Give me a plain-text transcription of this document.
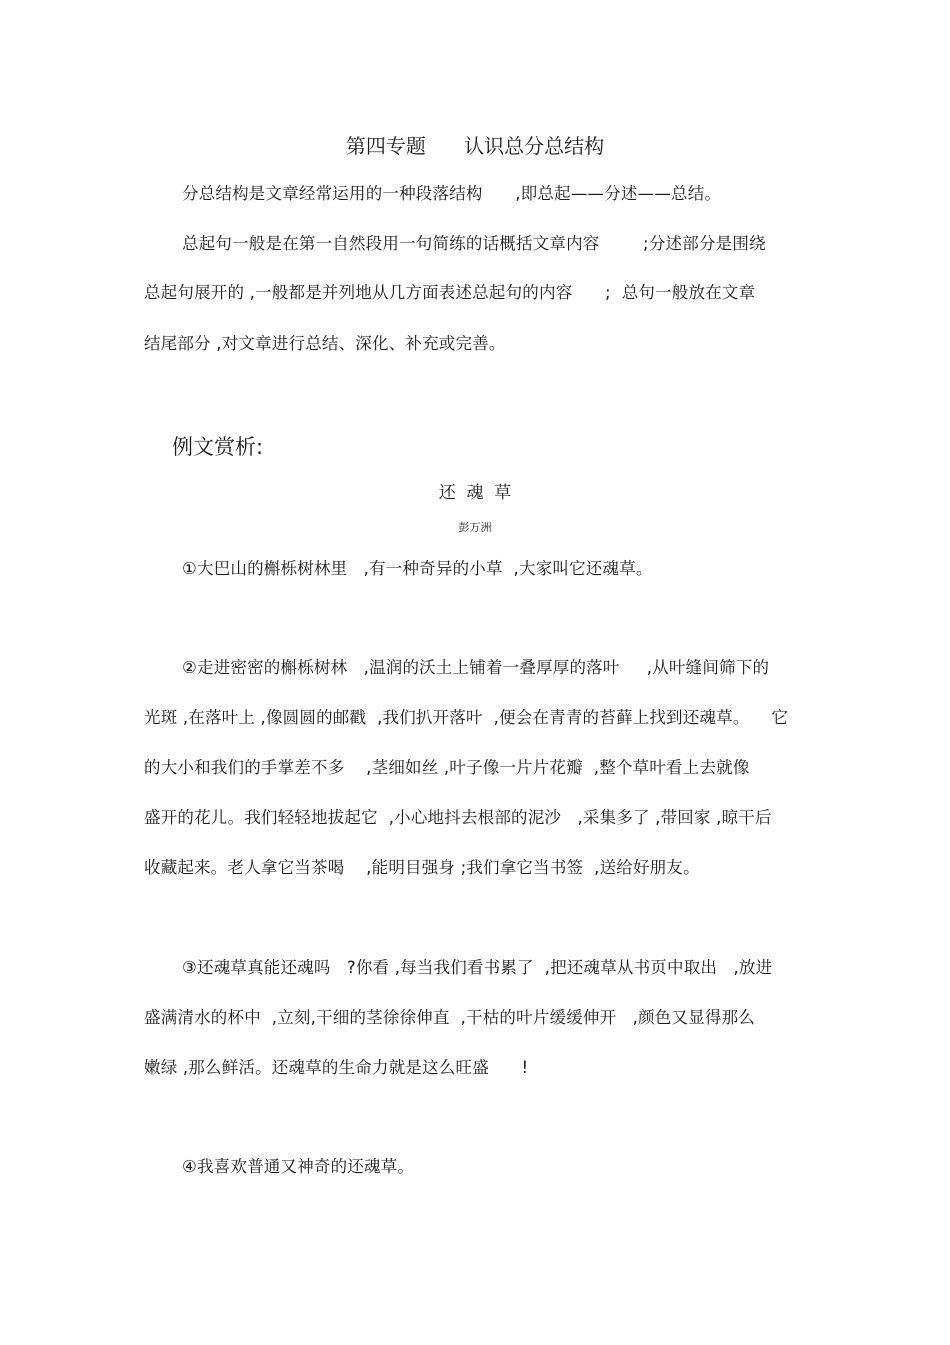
第四专题      认识总分总结构
分总结构是文章经常运用的一种段落结构      ,即总起——分述——总结。
总起句一般是在第一自然段用一句简练的话概括文章内容        ;分述部分是围绕
总起句展开的 ,一般都是并列地从几方面表述总起句的内容      ;  总句一般放在文章
结尾部分 ,对文章进行总结、深化、补充或完善。
例文赏析:
还  魂  草
彭万洲
①大巴山的槲栎树林里   ,有一种奇异的小草  ,大家叫它还魂草。
②走进密密的槲栎树林   ,温润的沃土上铺着一叠厚厚的落叶     ,从叶缝间筛下的
光斑 ,在落叶上 ,像圆圆的邮戳  ,我们扒开落叶  ,便会在青青的苔藓上找到还魂草。    它
的大小和我们的手掌差不多    ,茎细如丝 ,叶子像一片片花瓣  ,整个草叶看上去就像
盛开的花儿。我们轻轻地拔起它  ,小心地抖去根部的泥沙   ,采集多了 ,带回家 ,晾干后
收藏起来。老人拿它当茶喝    ,能明目强身 ;我们拿它当书签  ,送给好朋友。
③还魂草真能还魂吗   ?你看 ,每当我们看书累了  ,把还魂草从书页中取出   ,放进
盛满清水的杯中  ,立刻,干细的茎徐徐伸直  ,干枯的叶片缓缓伸开   ,颜色又显得那么
嫩绿 ,那么鲜活。还魂草的生命力就是这么旺盛      !
④我喜欢普通又神奇的还魂草。
